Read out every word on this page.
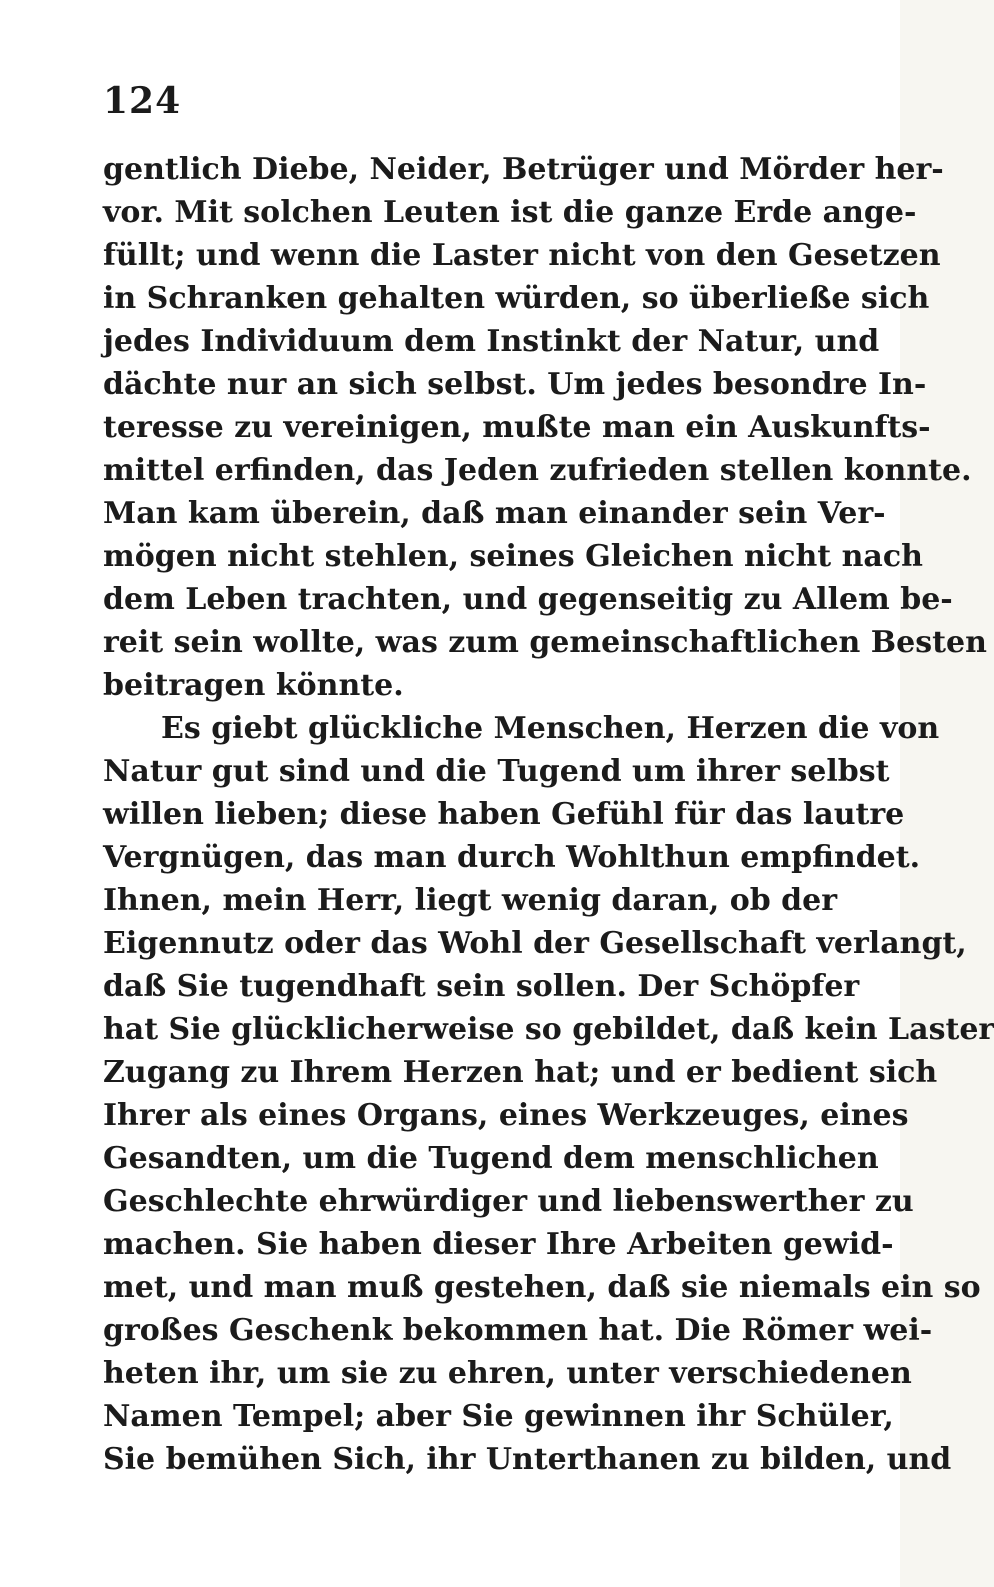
124
gentlich Diebe, Neider, Betrüger und Mörder her-
vor. Mit solchen Leuten ist die ganze Erde ange-
füllt; und wenn die Laster nicht von den Gesetzen
in Schranken gehalten würden, so überließe sich
jedes Individuum dem Instinkt der Natur, und
dächte nur an sich selbst. Um jedes besondre In-
teresse zu vereinigen, mußte man ein Auskunfts-
mittel erfinden, das Jeden zufrieden stellen konnte.
Man kam überein, daß man einander sein Ver-
mögen nicht stehlen, seines Gleichen nicht nach
dem Leben trachten, und gegenseitig zu Allem be-
reit sein wollte, was zum gemeinschaftlichen Besten
beitragen könnte.
Es giebt glückliche Menschen, Herzen die von
Natur gut sind und die Tugend um ihrer selbst
willen lieben; diese haben Gefühl für das lautre
Vergnügen, das man durch Wohlthun empfindet.
Ihnen, mein Herr, liegt wenig daran, ob der
Eigennutz oder das Wohl der Gesellschaft verlangt,
daß Sie tugendhaft sein sollen. Der Schöpfer
hat Sie glücklicherweise so gebildet, daß kein Laster
Zugang zu Ihrem Herzen hat; und er bedient sich
Ihrer als eines Organs, eines Werkzeuges, eines
Gesandten, um die Tugend dem menschlichen
Geschlechte ehrwürdiger und liebenswerther zu
machen. Sie haben dieser Ihre Arbeiten gewid-
met, und man muß gestehen, daß sie niemals ein so
großes Geschenk bekommen hat. Die Römer wei-
heten ihr, um sie zu ehren, unter verschiedenen
Namen Tempel; aber Sie gewinnen ihr Schüler,
Sie bemühen Sich, ihr Unterthanen zu bilden, und
